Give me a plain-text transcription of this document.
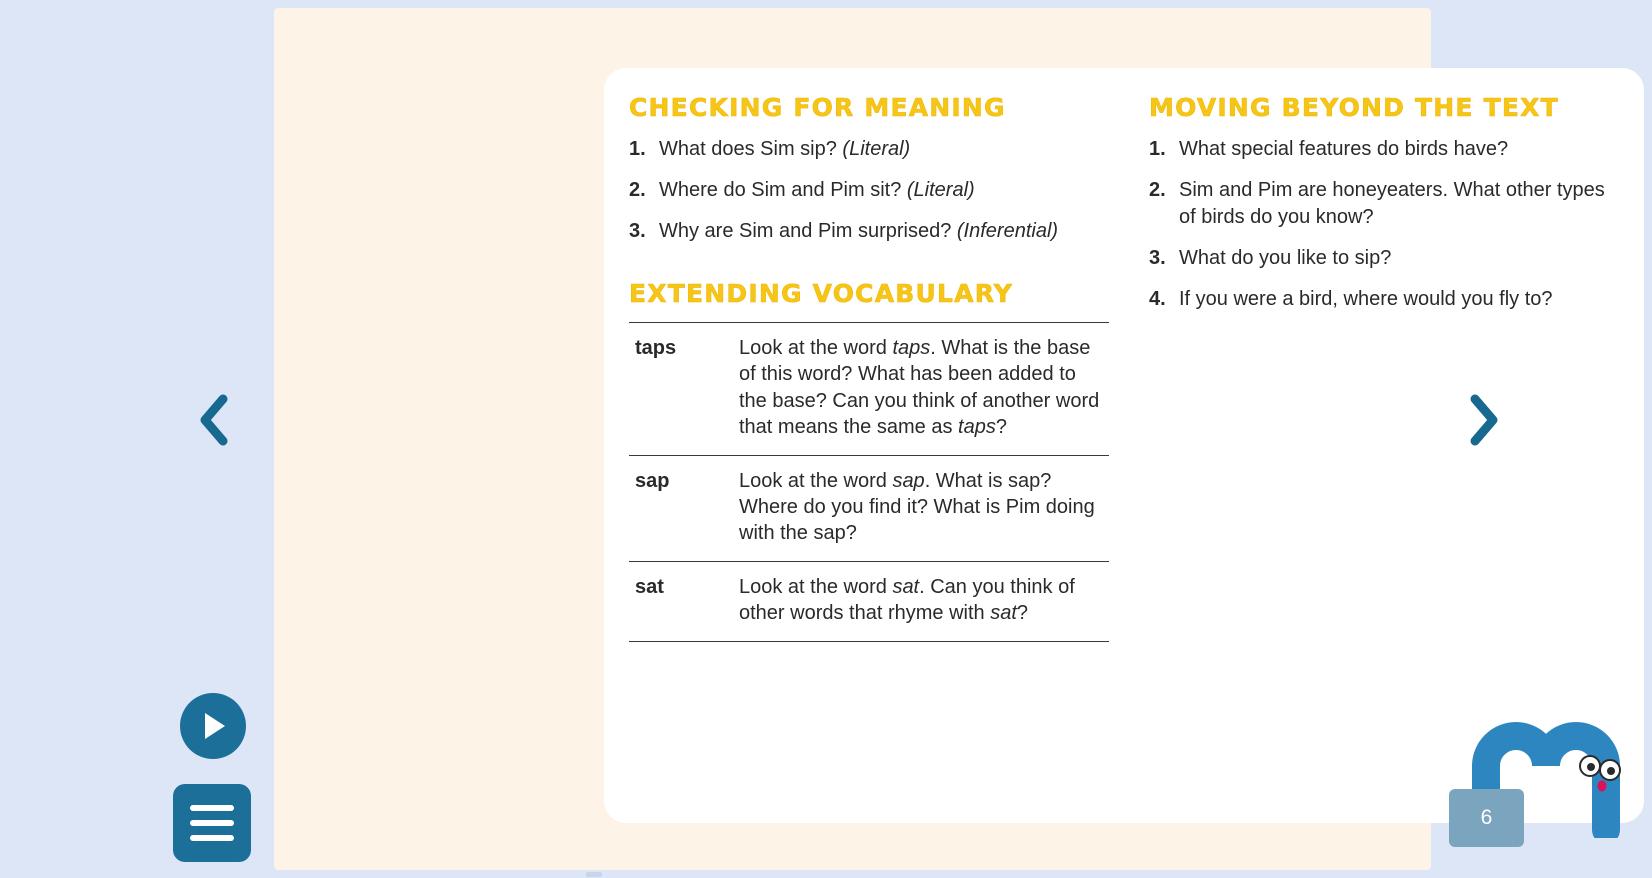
CHECKING FOR MEANING
1. What does Sim sip? (Literal)
2. Where do Sim and Pim sit? (Literal)
3. Why are Sim and Pim surprised? (Inferential)
EXTENDING VOCABULARY
taps	Look at the word taps. What is the base of this word? What has been added to the base? Can you think of another word that means the same as taps?
sap	Look at the word sap. What is sap? Where do you find it? What is Pim doing with the sap?
sat	Look at the word sat. Can you think of other words that rhyme with sat?
MOVING BEYOND THE TEXT
1. What special features do birds have?
2. Sim and Pim are honeyeaters. What other types of birds do you know?
3. What do you like to sip?
4. If you were a bird, where would you fly to?
6
